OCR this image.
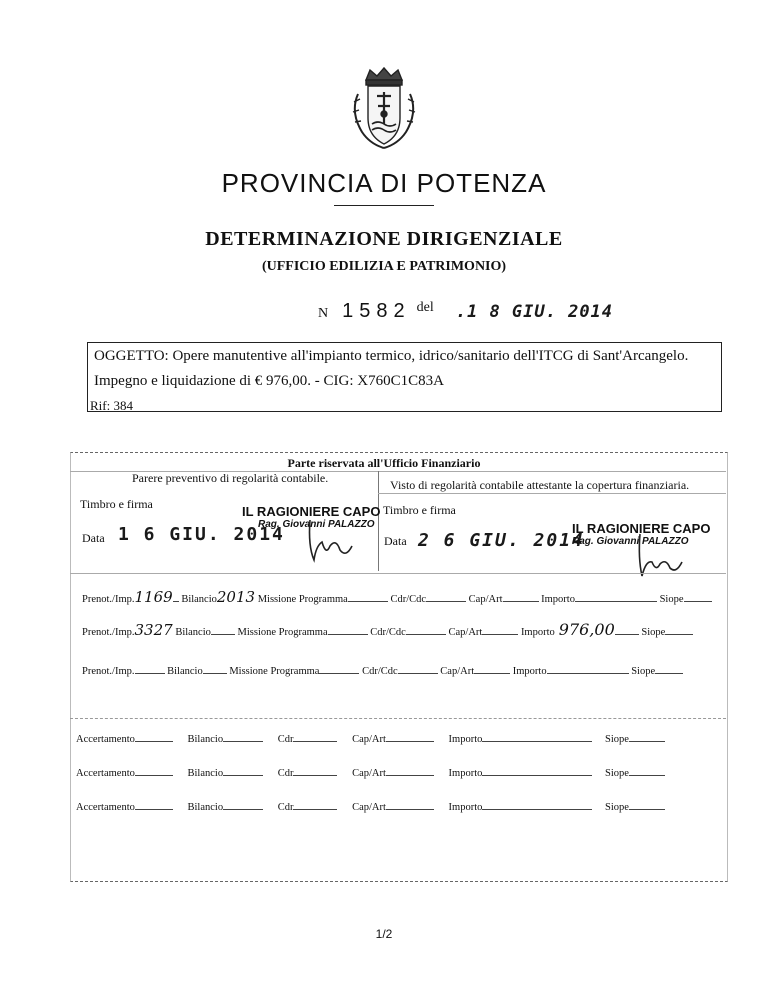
PROVINCIA DI POTENZA
DETERMINAZIONE DIRIGENZIALE
(UFFICIO EDILIZIA E PATRIMONIO)
N 1582 del .1 8 GIU. 2014
OGGETTO: Opere manutentive all'impianto termico, idrico/sanitario dell'ITCG di Sant'Arcangelo.
Impegno e liquidazione di € 976,00. - CIG: X760C1C83A
Rif: 384
Parte riservata all'Ufficio Finanziario
Parere preventivo di regolarità contabile.	Visto di regolarità contabile attestante la copertura finanziaria.
Timbro e firma
Data 1 6 GIU. 2014
IL RAGIONIERE CAPO
Rag. Giovanni PALAZZO
Timbro e firma
Data 2 6 GIU. 2014
IL RAGIONIERE CAPO
Rag. Giovanni PALAZZO
Prenot./Imp.1169 Bilancio2013 Missione Programma	Cdr/Cdc	Cap/Art	Importo	Siope
Prenot./Imp.3327 Bilancio	Missione Programma	Cdr/Cdc	Cap/Art	Importo 976,00	Siope
Prenot./Imp.	Bilancio	Missione Programma	Cdr/Cdc	Cap/Art	Importo	Siope
Accertamento	Bilancio	Cdr	Cap/Art	Importo	Siope
Accertamento	Bilancio	Cdr	Cap/Art	Importo	Siope
Accertamento	Bilancio	Cdr	Cap/Art	Importo	Siope
1/2
